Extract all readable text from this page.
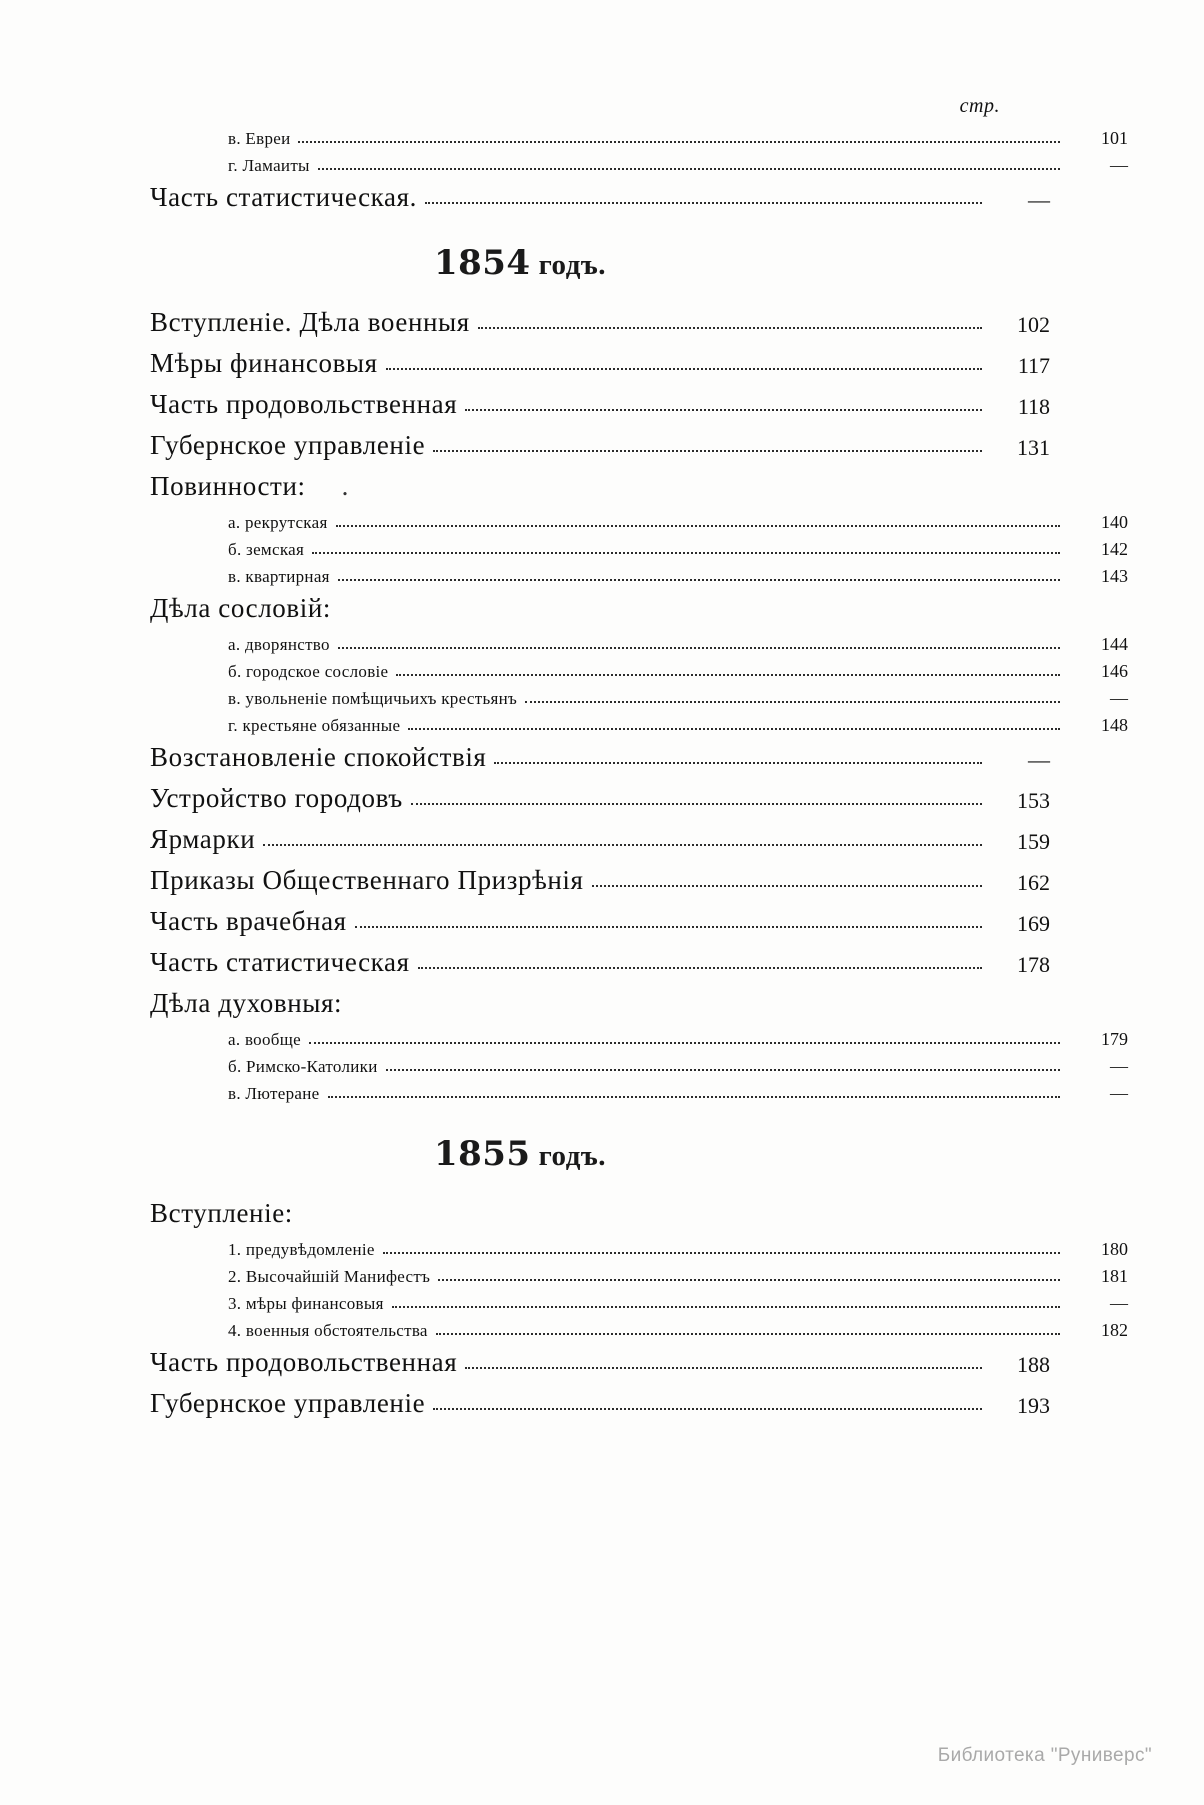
стр.
в. Евреи	101
г. Ламаиты	—
Часть статистическая.	—
1854 годъ.
Вступленіе. Дѣла военныя	102
Мѣры финансовыя	117
Часть продовольственная	118
Губернское управленіе	131
Повинности: .
а. рекрутская	140
б. земская	142
в. квартирная	143
Дѣла сословій:
а. дворянство	144
б. городское сословіе	146
в. увольненіе помѣщичьихъ крестьянъ	—
г. крестьяне обязанные	148
Возстановленіе спокойствія	—
Устройство городовъ	153
Ярмарки	159
Приказы Общественнаго Призрѣнія	162
Часть врачебная	169
Часть статистическая	178
Дѣла духовныя:
а. вообще	179
б. Римско-Католики	—
в. Лютеране	—
1855 годъ.
Вступленіе:
1. предувѣдомленіе	180
2. Высочайшій Манифестъ	181
3. мѣры финансовыя	—
4. военныя обстоятельства	182
Часть продовольственная	188
Губернское управленіе	193
Библиотека "Руниверс"
